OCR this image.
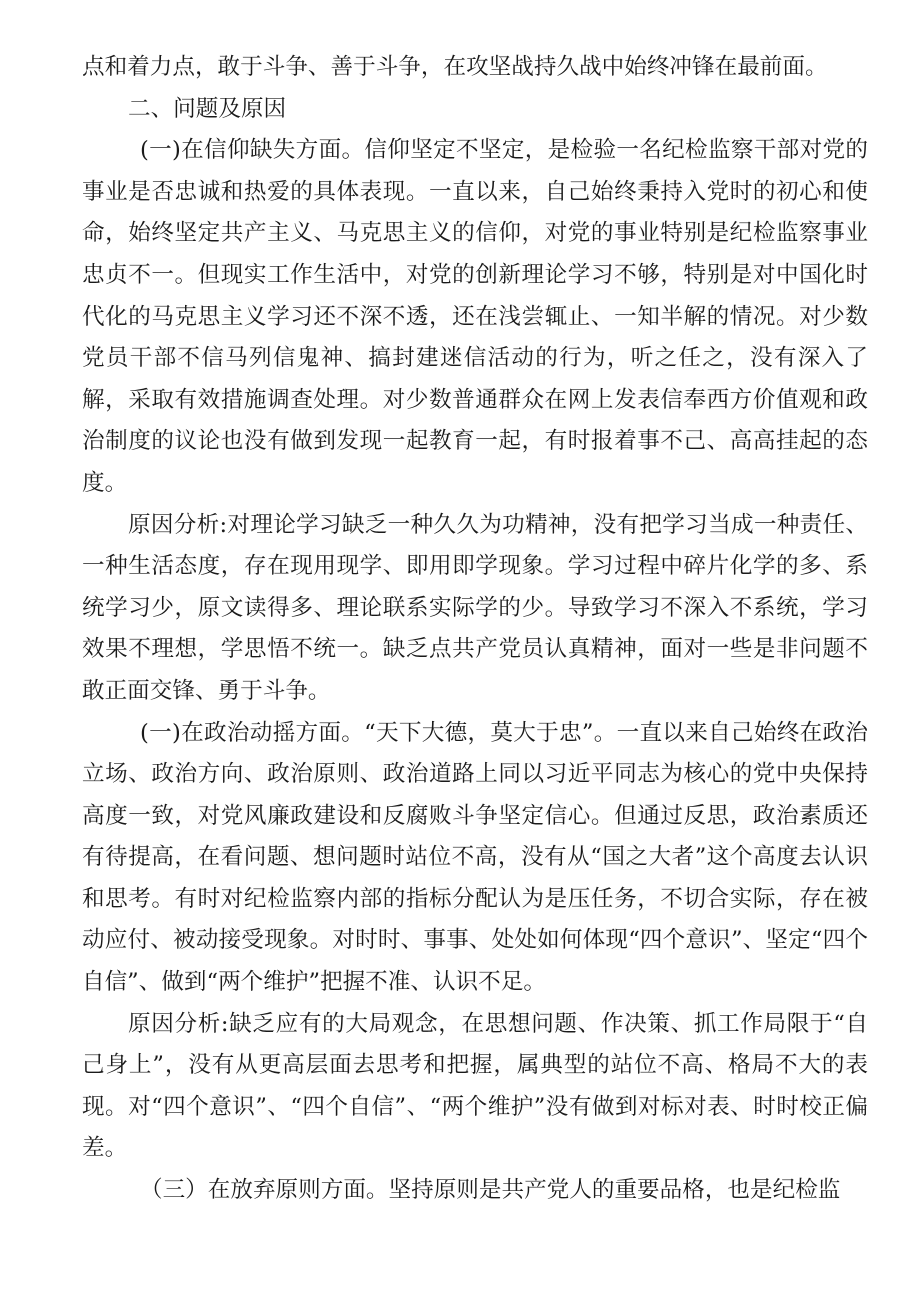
点和着力点，敢于斗争、善于斗争，在攻坚战持久战中始终冲锋在最前面。

二、问题及原因

(一)在信仰缺失方面。信仰坚定不坚定，是检验一名纪检监察干部对党的事业是否忠诚和热爱的具体表现。一直以来，自己始终秉持入党时的初心和使命，始终坚定共产主义、马克思主义的信仰，对党的事业特别是纪检监察事业忠贞不一。但现实工作生活中，对党的创新理论学习不够，特别是对中国化时代化的马克思主义学习还不深不透，还在浅尝辄止、一知半解的情况。对少数党员干部不信马列信鬼神、搞封建迷信活动的行为，听之任之，没有深入了解，采取有效措施调查处理。对少数普通群众在网上发表信奉西方价值观和政治制度的议论也没有做到发现一起教育一起，有时报着事不己、高高挂起的态度。

原因分析:对理论学习缺乏一种久久为功精神，没有把学习当成一种责任、一种生活态度，存在现用现学、即用即学现象。学习过程中碎片化学的多、系统学习少，原文读得多、理论联系实际学的少。导致学习不深入不系统，学习效果不理想，学思悟不统一。缺乏点共产党员认真精神，面对一些是非问题不敢正面交锋、勇于斗争。

(一)在政治动摇方面。“天下大德，莫大于忠”。一直以来自己始终在政治立场、政治方向、政治原则、政治道路上同以习近平同志为核心的党中央保持高度一致，对党风廉政建设和反腐败斗争坚定信心。但通过反思，政治素质还有待提高，在看问题、想问题时站位不高，没有从“国之大者”这个高度去认识和思考。有时对纪检监察内部的指标分配认为是压任务，不切合实际，存在被动应付、被动接受现象。对时时、事事、处处如何体现“四个意识”、坚定“四个自信”、做到“两个维护”把握不准、认识不足。

原因分析:缺乏应有的大局观念，在思想问题、作决策、抓工作局限于“自己身上”，没有从更高层面去思考和把握，属典型的站位不高、格局不大的表现。对“四个意识”、“四个自信”、“两个维护”没有做到对标对表、时时校正偏差。

（三）在放弃原则方面。坚持原则是共产党人的重要品格，也是纪检监
